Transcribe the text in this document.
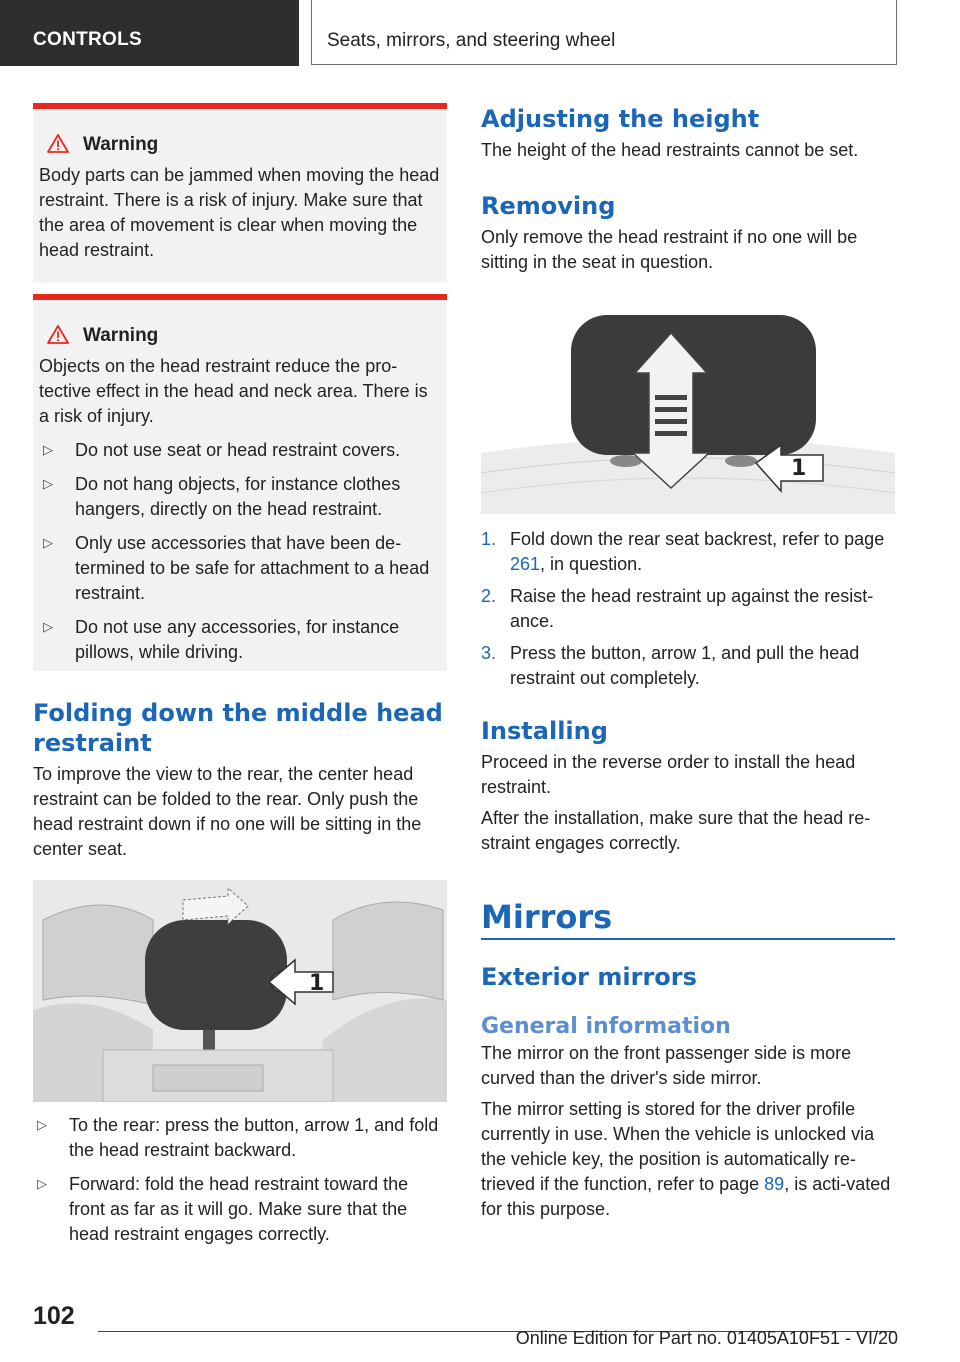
CONTROLS	Seats, mirrors, and steering wheel
Warning

Body parts can be jammed when moving the head restraint. There is a risk of injury. Make sure that the area of movement is clear when moving the head restraint.

Warning

Objects on the head restraint reduce the pro‐tective effect in the head and neck area. There is a risk of injury.

▷ Do not use seat or head restraint covers.
▷ Do not hang objects, for instance clothes hangers, directly on the head restraint.
▷ Only use accessories that have been de‐termined to be safe for attachment to a head restraint.
▷ Do not use any accessories, for instance pillows, while driving.
Folding down the middle head restraint

To improve the view to the rear, the center head restraint can be folded to the rear. Only push the head restraint down if no one will be sitting in the center seat.

1
▷ To the rear: press the button, arrow 1, and fold the head restraint backward.
▷ Forward: fold the head restraint toward the front as far as it will go. Make sure that the head restraint engages correctly.
Adjusting the height

The height of the head restraints cannot be set.

Removing

Only remove the head restraint if no one will be sitting in the seat in question.

1
1. Fold down the rear seat backrest, refer to page 261, in question.
2. Raise the head restraint up against the resist‐ance.
3. Press the button, arrow 1, and pull the head restraint out completely.
Installing

Proceed in the reverse order to install the head restraint.

After the installation, make sure that the head re‐straint engages correctly.

Mirrors
Exterior mirrors
General information

The mirror on the front passenger side is more curved than the driver's side mirror.

The mirror setting is stored for the driver profile currently in use. When the vehicle is unlocked via the vehicle key, the position is automatically re‐trieved if the function, refer to page 89, is acti‐vated for this purpose.

102
Online Edition for Part no. 01405A10F51 - VI/20
